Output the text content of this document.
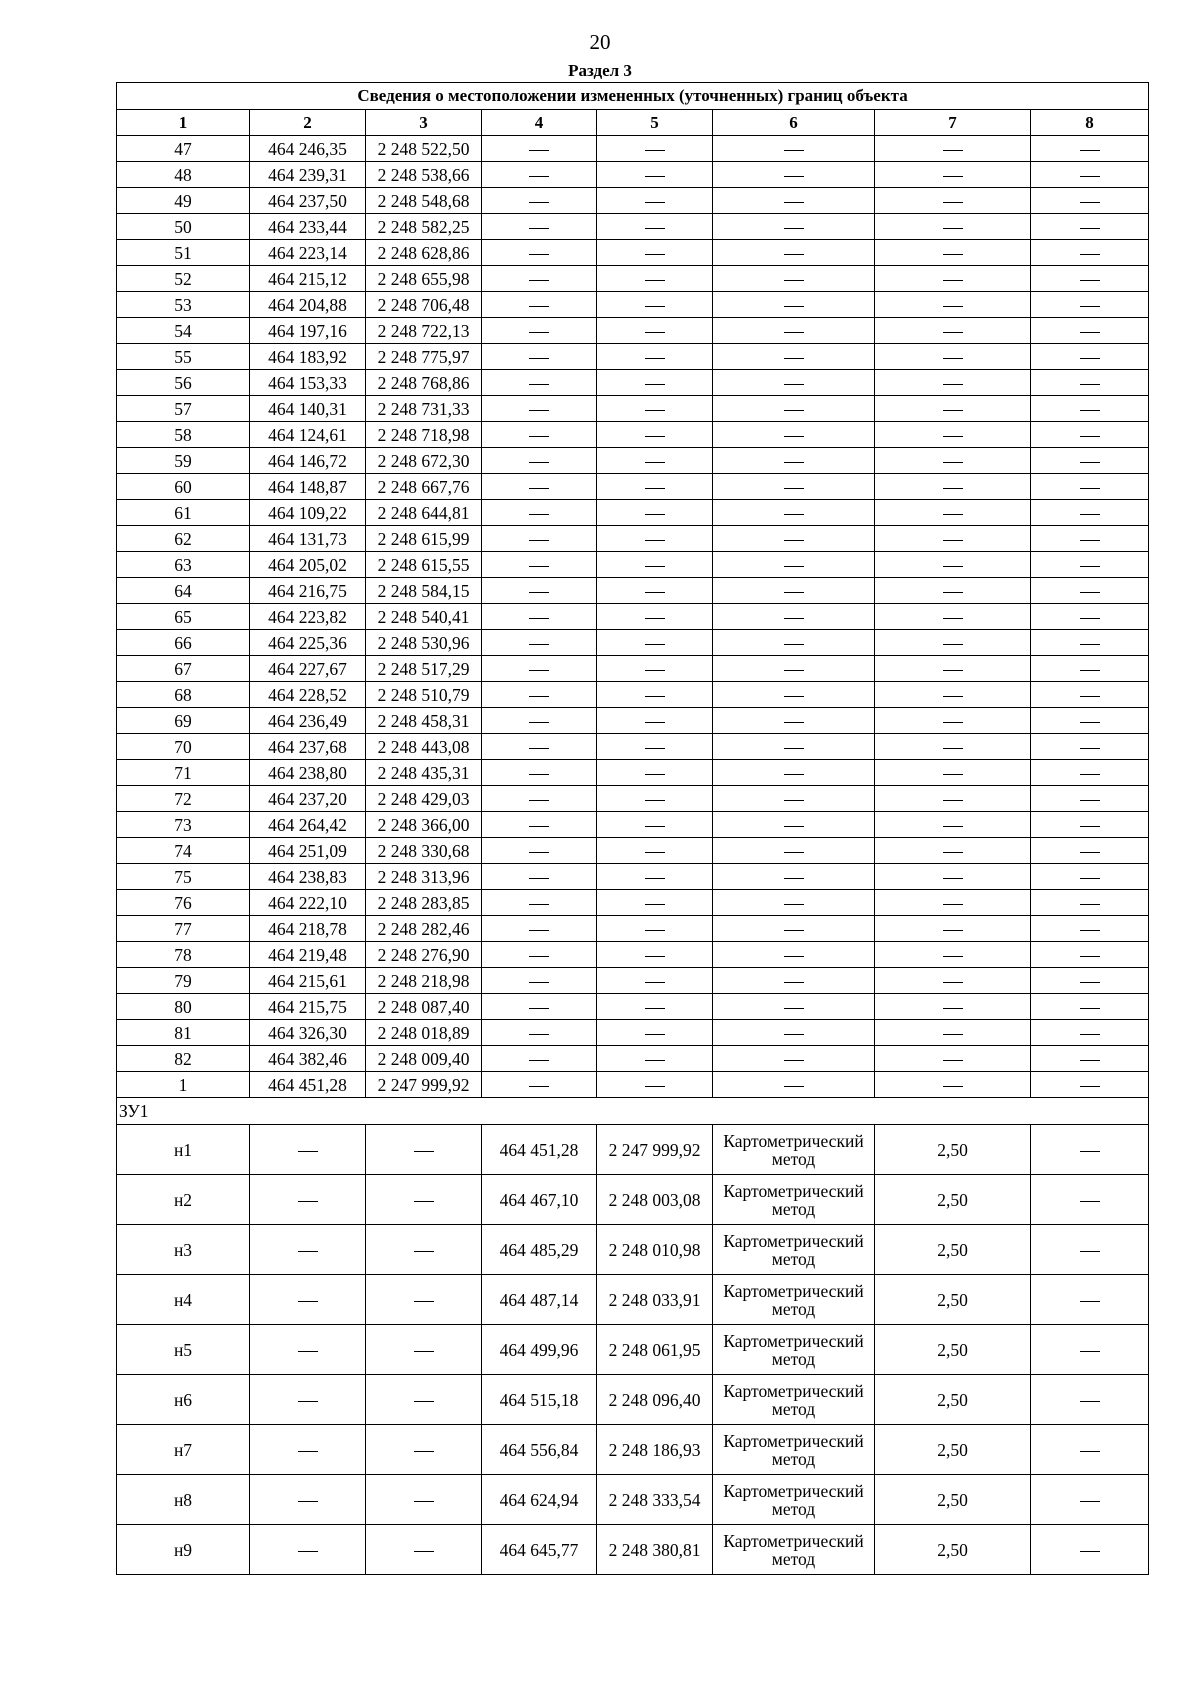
20
Раздел 3
Сведения о местоположении измененных (уточненных) границ объекта							
1	2	3	4	5	6	7	8
47	464 246,35	2 248 522,50					
48	464 239,31	2 248 538,66					
49	464 237,50	2 248 548,68					
50	464 233,44	2 248 582,25					
51	464 223,14	2 248 628,86					
52	464 215,12	2 248 655,98					
53	464 204,88	2 248 706,48					
54	464 197,16	2 248 722,13					
55	464 183,92	2 248 775,97					
56	464 153,33	2 248 768,86					
57	464 140,31	2 248 731,33					
58	464 124,61	2 248 718,98					
59	464 146,72	2 248 672,30					
60	464 148,87	2 248 667,76					
61	464 109,22	2 248 644,81					
62	464 131,73	2 248 615,99					
63	464 205,02	2 248 615,55					
64	464 216,75	2 248 584,15					
65	464 223,82	2 248 540,41					
66	464 225,36	2 248 530,96					
67	464 227,67	2 248 517,29					
68	464 228,52	2 248 510,79					
69	464 236,49	2 248 458,31					
70	464 237,68	2 248 443,08					
71	464 238,80	2 248 435,31					
72	464 237,20	2 248 429,03					
73	464 264,42	2 248 366,00					
74	464 251,09	2 248 330,68					
75	464 238,83	2 248 313,96					
76	464 222,10	2 248 283,85					
77	464 218,78	2 248 282,46					
78	464 219,48	2 248 276,90					
79	464 215,61	2 248 218,98					
80	464 215,75	2 248 087,40					
81	464 326,30	2 248 018,89					
82	464 382,46	2 248 009,40					
1	464 451,28	2 247 999,92					
ЗУ1							
н1			464 451,28	2 247 999,92	Картометрический метод	2,50	
н2			464 467,10	2 248 003,08	Картометрический метод	2,50	
н3			464 485,29	2 248 010,98	Картометрический метод	2,50	
н4			464 487,14	2 248 033,91	Картометрический метод	2,50	
н5			464 499,96	2 248 061,95	Картометрический метод	2,50	
н6			464 515,18	2 248 096,40	Картометрический метод	2,50	
н7			464 556,84	2 248 186,93	Картометрический метод	2,50	
н8			464 624,94	2 248 333,54	Картометрический метод	2,50	
н9			464 645,77	2 248 380,81	Картометрический метод	2,50	
